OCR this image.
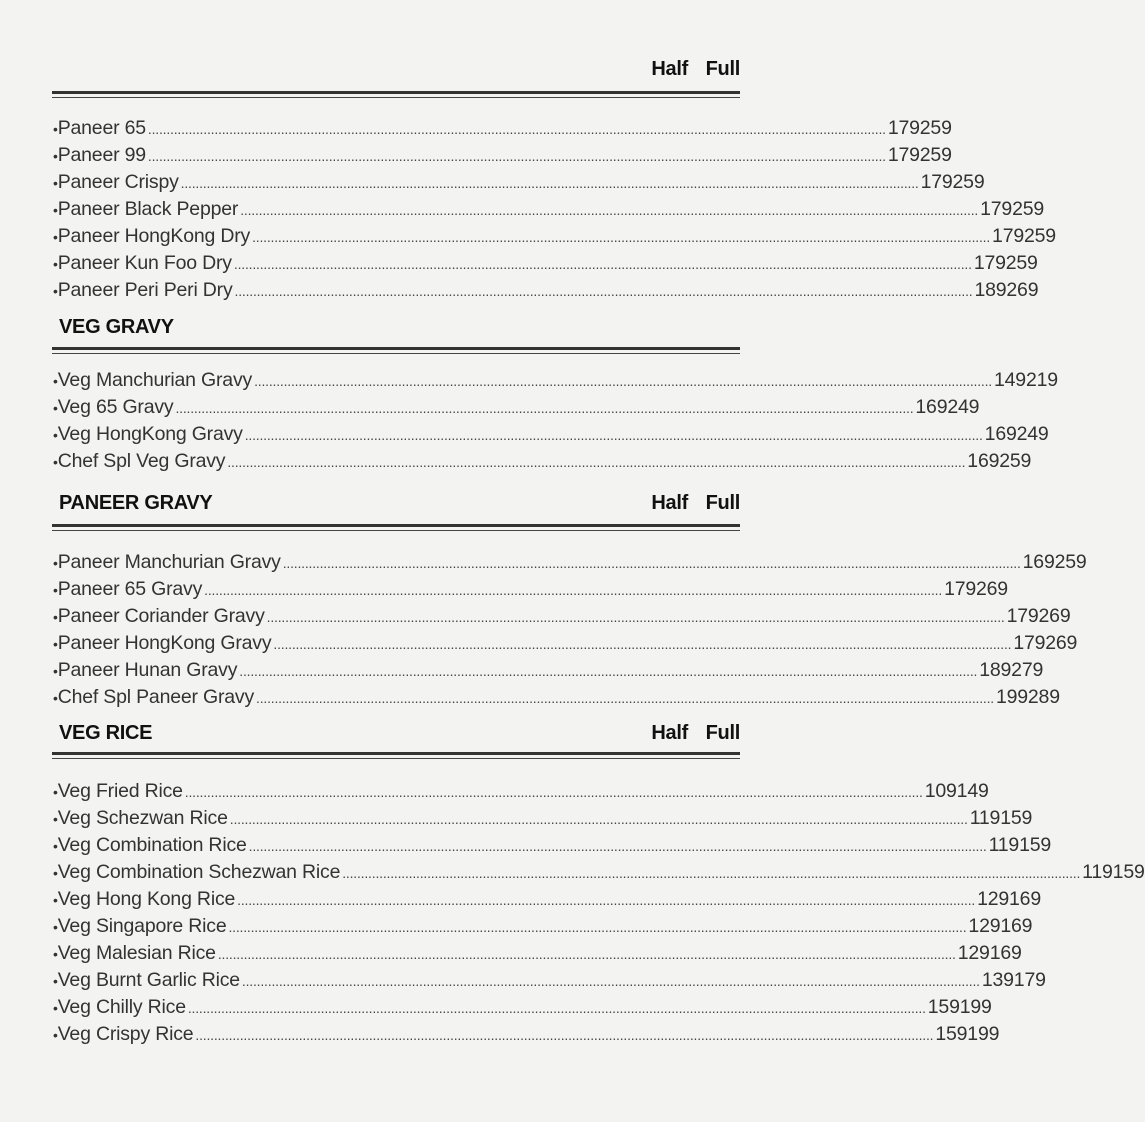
Half Full
• Paneer 65 ........................................................................................................................................................................................................ 179 259
• Paneer 99 ........................................................................................................................................................................................................ 179 259
• Paneer Crispy ........................................................................................................................................................................................................ 179 259
• Paneer Black Pepper ........................................................................................................................................................................................................ 179 259
• Paneer HongKong Dry ........................................................................................................................................................................................................ 179 259
• Paneer Kun Foo Dry ........................................................................................................................................................................................................ 179 259
• Paneer Peri Peri Dry ........................................................................................................................................................................................................ 189 269
VEG GRAVY
• Veg Manchurian Gravy ........................................................................................................................................................................................................ 149 219
• Veg 65 Gravy ........................................................................................................................................................................................................ 169 249
• Veg HongKong Gravy ........................................................................................................................................................................................................ 169 249
• Chef Spl Veg Gravy ........................................................................................................................................................................................................ 169 259
PANEER GRAVY	Half Full
• Paneer Manchurian Gravy ........................................................................................................................................................................................................ 169 259
• Paneer 65 Gravy ........................................................................................................................................................................................................ 179 269
• Paneer Coriander Gravy ........................................................................................................................................................................................................ 179 269
• Paneer HongKong Gravy ........................................................................................................................................................................................................ 179 269
• Paneer Hunan Gravy ........................................................................................................................................................................................................ 189 279
• Chef Spl Paneer Gravy ........................................................................................................................................................................................................ 199 289
VEG RICE	Half Full
• Veg Fried Rice ........................................................................................................................................................................................................ 109 149
• Veg Schezwan Rice ........................................................................................................................................................................................................ 119 159
• Veg Combination Rice ........................................................................................................................................................................................................ 119 159
• Veg Combination Schezwan Rice ........................................................................................................................................................................................................ 119 159
• Veg Hong Kong Rice ........................................................................................................................................................................................................ 129 169
• Veg Singapore Rice ........................................................................................................................................................................................................ 129 169
• Veg Malesian Rice ........................................................................................................................................................................................................ 129 169
• Veg Burnt Garlic Rice ........................................................................................................................................................................................................ 139 179
• Veg Chilly Rice ........................................................................................................................................................................................................ 159 199
• Veg Crispy Rice ........................................................................................................................................................................................................ 159 199
